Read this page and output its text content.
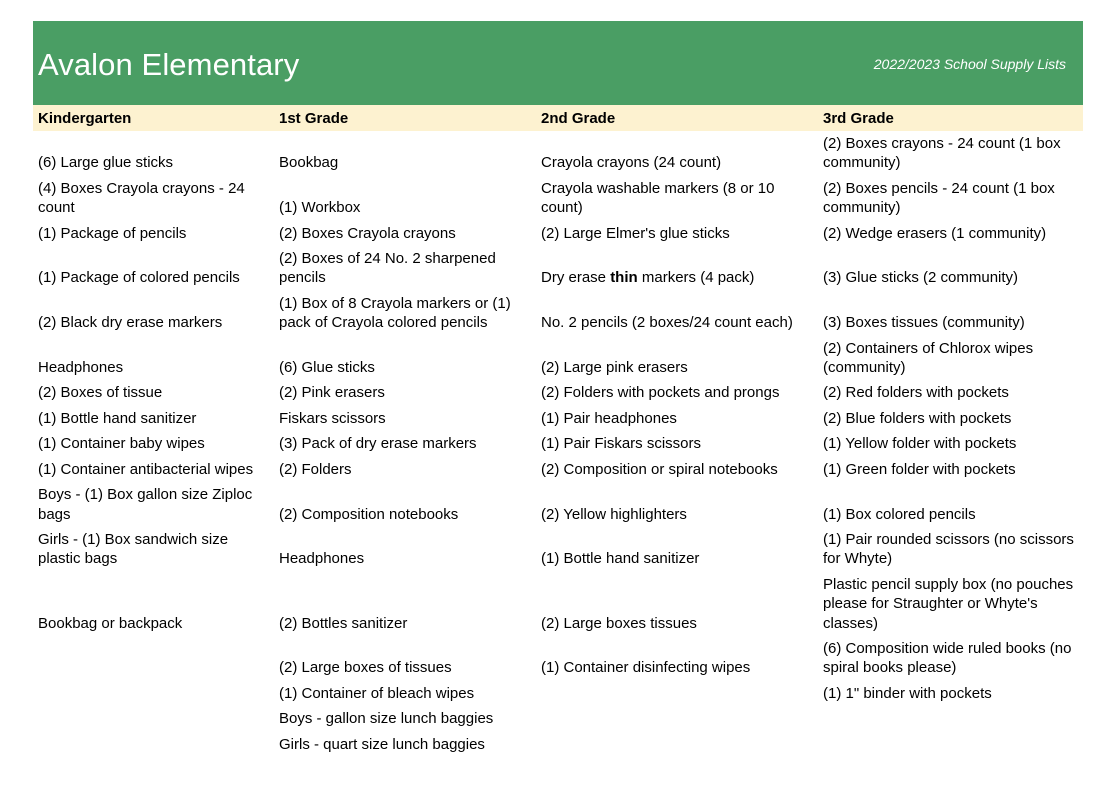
Avalon Elementary	2022/2023 School Supply Lists
Kindergarten	1st Grade	2nd Grade	3rd Grade
(6) Large glue sticks	Bookbag	Crayola crayons (24 count)	(2) Boxes crayons - 24 count (1 box community)
(4) Boxes Crayola crayons - 24 count	(1) Workbox	Crayola washable markers (8 or 10 count)	(2) Boxes pencils - 24 count (1 box community)
(1) Package of pencils	(2) Boxes Crayola crayons	(2) Large Elmer's glue sticks	(2) Wedge erasers (1 community)
(1) Package of colored pencils	(2) Boxes of 24 No. 2 sharpened pencils	Dry erase thin markers (4 pack)	(3) Glue sticks (2 community)
(2) Black dry erase markers	(1) Box of 8 Crayola markers or (1) pack of Crayola colored pencils	No. 2 pencils (2 boxes/24 count each)	(3) Boxes tissues (community)
Headphones	(6) Glue sticks	(2) Large pink erasers	(2) Containers of Chlorox wipes (community)
(2) Boxes of tissue	(2) Pink erasers	(2) Folders with pockets and prongs	(2) Red folders with pockets
(1) Bottle hand sanitizer	Fiskars scissors	(1) Pair headphones	(2) Blue folders with pockets
(1) Container baby wipes	(3) Pack of dry erase markers	(1) Pair Fiskars scissors	(1) Yellow folder with pockets
(1) Container antibacterial wipes	(2) Folders	(2) Composition or spiral notebooks	(1) Green folder with pockets
Boys - (1) Box gallon size Ziploc bags	(2) Composition notebooks	(2) Yellow highlighters	(1) Box colored pencils
Girls - (1) Box sandwich size plastic bags	Headphones	(1) Bottle hand sanitizer	(1) Pair rounded scissors (no scissors for Whyte)
Bookbag or backpack	(2) Bottles sanitizer	(2) Large boxes tissues	Plastic pencil supply box (no pouches please for Straughter or Whyte's classes)
	(2) Large boxes of tissues	(1) Container disinfecting wipes	(6) Composition wide ruled books (no spiral books please)
	(1) Container of bleach wipes		(1) 1" binder with pockets
	Boys - gallon size lunch baggies		
	Girls - quart size lunch baggies		
